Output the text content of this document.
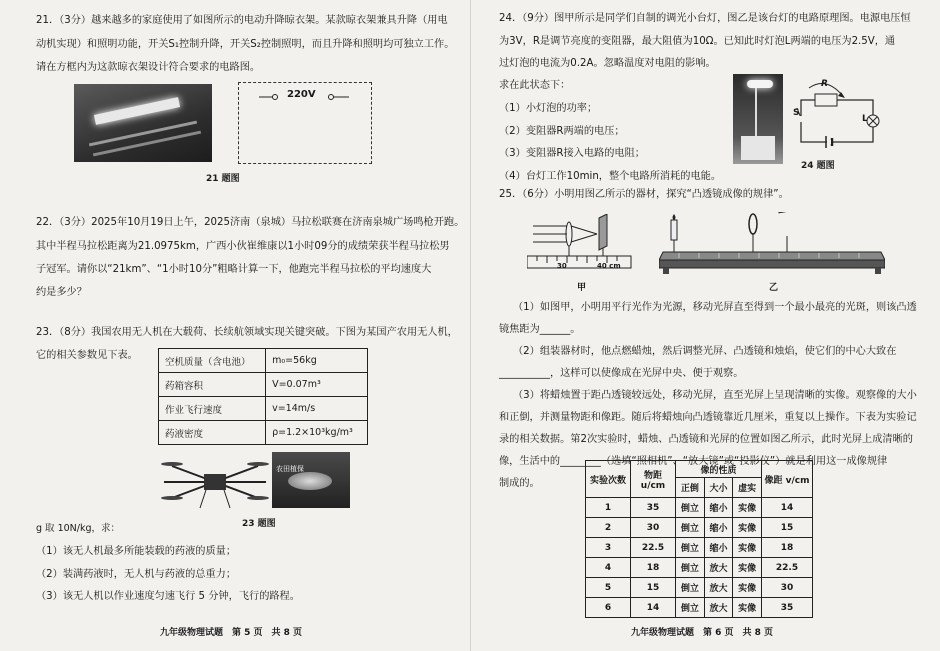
21．（3分）越来越多的家庭使用了如图所示的电动升降晾衣架。某款晾衣架兼具升降（用电
动机实现）和照明功能，开关S₁控制升降，开关S₂控制照明，而且升降和照明均可独立工作。
请在方框内为这款晾衣架设计符合要求的电路图。
220V
21 题图
22．（3分）2025年10月19日上午，2025济南（泉城）马拉松联赛在济南泉城广场鸣枪开跑。
其中半程马拉松距离为21.0975km，广西小伙崔维康以1小时09分的成绩荣获半程马拉松男
子冠军。请你以“21km”、“1小时10分”粗略计算一下，他跑完半程马拉松的平均速度大
约是多少？
23．（8分）我国农用无人机在大载荷、长续航领域实现关键突破。下图为某国产农用无人机，
它的相关参数见下表。
空机质量（含电池）	m₀=56kg
药箱容积	V=0.07m³
作业飞行速度	v=14m/s
药液密度	ρ=1.2×10³kg/m³
农田植保
23 题图
g 取 10N/kg，求：
（1）该无人机最多所能装载的药液的质量；
（2）装满药液时，无人机与药液的总重力；
（3）该无人机以作业速度匀速飞行 5 分钟，飞行的路程。
九年级物理试题　第 5 页　共 8 页
24．（9分）图甲所示是同学们自制的调光小台灯，图乙是该台灯的电路原理图。电源电压恒
为3V，R是调节亮度的变阻器，最大阻值为10Ω。已知此时灯泡L两端的电压为2.5V，通
过灯泡的电流为0.2A。忽略温度对电阻的影响。
求在此状态下：
（1）小灯泡的功率；
（2）变阻器R两端的电压；
（3）变阻器R接入电路的电阻；
（4）台灯工作10min，整个电路所消耗的电能。
R
S
L
24 题图
25．（6分）小明用图乙所示的器材，探究“凸透镜成像的规律”。
30	40 cm
甲	乙
（1）如图甲，小明用平行光作为光源，移动光屏直至得到一个最小最亮的光斑，则该凸透
镜焦距为______。
（2）组装器材时，他点燃蜡烛，然后调整光屏、凸透镜和烛焰，使它们的中心大致在
__________，这样可以使像成在光屏中央、便于观察。
（3）将蜡烛置于距凸透镜较远处，移动光屏，直至光屏上呈现清晰的实像。观察像的大小
和正倒，并测量物距和像距。随后将蜡烛向凸透镜靠近几厘米，重复以上操作。下表为实验记
录的相关数据。第2次实验时，蜡烛、凸透镜和光屏的位置如图乙所示，此时光屏上成清晰的
像，生活中的________（选填“照相机”、“放大镜”或“投影仪”）就是利用这一成像规律
制成的。	实验次数	物距 u/cm	像的性质			像距 v/cm
		正倒	大小	虚实	
1	35	倒立	缩小	实像	14
2	30	倒立	缩小	实像	15
3	22.5	倒立	缩小	实像	18
4	18	倒立	放大	实像	22.5
5	15	倒立	放大	实像	30
6	14	倒立	放大	实像	35
九年级物理试题　第 6 页　共 8 页
